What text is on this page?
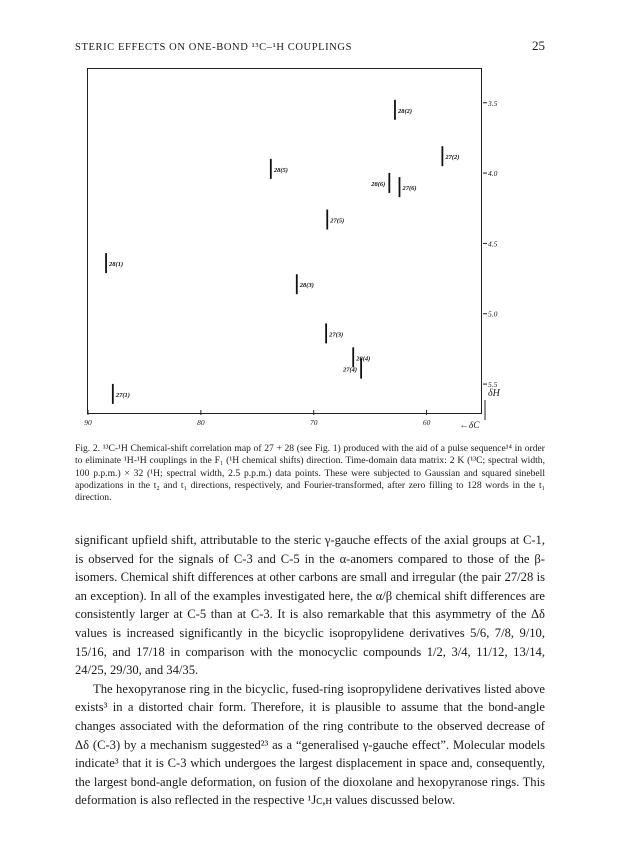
STERIC EFFECTS ON ONE-BOND ¹³C–¹H COUPLINGS	25
90	80	70	60
3.5
4.0
4.5
5.0
5.5
δH
←δC
28(2)
27(2)
28(5)
28(6)
27(6)
27(5)
28(1)
28(3)
27(3)
28(4)
27(4)
27(1)
Fig. 2. ¹³C-¹H Chemical-shift correlation map of 27 + 28 (see Fig. 1) produced with the aid of a pulse sequence¹⁴ in order to eliminate ¹H-¹H couplings in the F₁ (¹H chemical shifts) direction. Time-domain data matrix: 2 K (¹³C; spectral width, 100 p.p.m.) × 32 (¹H; spectral width, 2.5 p.p.m.) data points. These were subjected to Gaussian and squared sinebell apodizations in the t₂ and t₁ directions, respectively, and Fourier-transformed, after zero filling to 128 words in the t₁ direction.

significant upfield shift, attributable to the steric γ-gauche effects of the axial groups at C-1, is observed for the signals of C-3 and C-5 in the α-anomers compared to those of the β-isomers. Chemical shift differences at other carbons are small and irregular (the pair 27/28 is an exception). In all of the examples investigated here, the α/β chemical shift differences are consistently larger at C-5 than at C-3. It is also remarkable that this asymmetry of the Δδ values is increased significantly in the bicyclic isopropylidene derivatives 5/6, 7/8, 9/10, 15/16, and 17/18 in comparison with the monocyclic compounds 1/2, 3/4, 11/12, 13/14, 24/25, 29/30, and 34/35.

The hexopyranose ring in the bicyclic, fused-ring isopropylidene derivatives listed above exists³ in a distorted chair form. Therefore, it is plausible to assume that the bond-angle changes associated with the deformation of the ring contribute to the observed decrease of Δδ (C-3) by a mechanism suggested²³ as a “generalised γ-gauche effect”. Molecular models indicate³ that it is C-3 which undergoes the largest displacement in space and, consequently, the largest bond-angle deformation, on fusion of the dioxolane and hexopyranose rings. This deformation is also reflected in the respective ¹Jᴄ,ʜ values discussed below.
